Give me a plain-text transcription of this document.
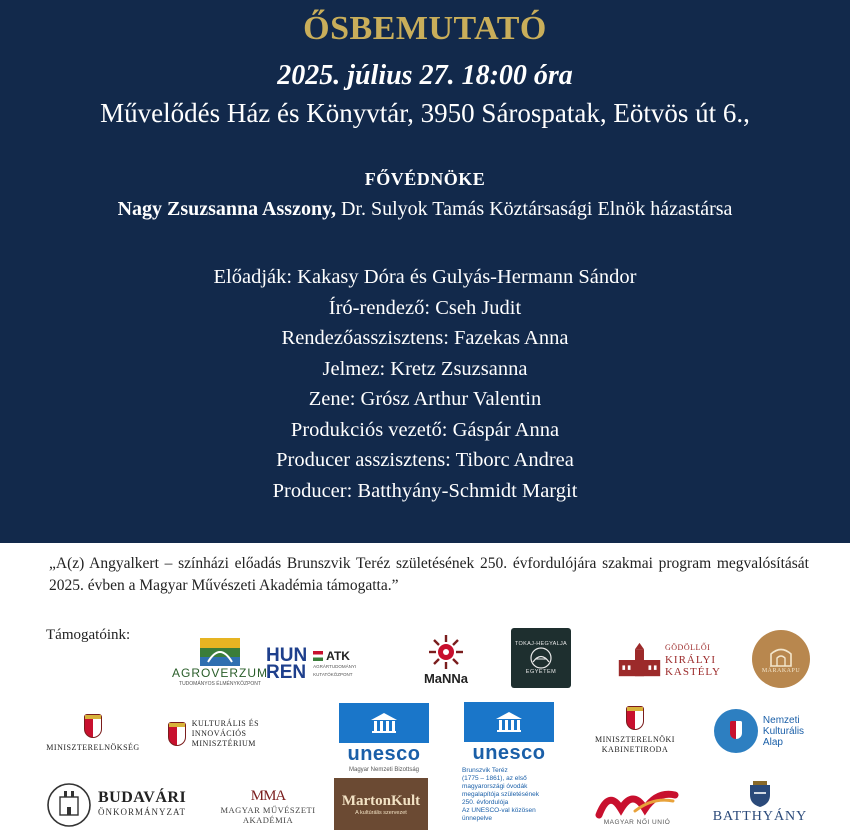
ŐSBEMUTATÓ
2025. július 27. 18:00 óra
Művelődés Ház és Könyvtár, 3950 Sárospatak, Eötvös út 6.,
FŐVÉDNÖKE
Nagy Zsuzsanna Asszony, Dr. Sulyok Tamás Köztársasági Elnök házastársa
Előadják: Kakasy Dóra és Gulyás-Hermann Sándor
Író-rendező: Cseh Judit
Rendezőasszisztens: Fazekas Anna
Jelmez: Kretz Zsuzsanna
Zene: Grósz Arthur Valentin
Produkciós vezető: Gáspár Anna
Producer asszisztens: Tiborc Andrea
Producer: Batthyány-Schmidt Margit

„A(z) Angyalkert – színházi előadás Brunszvik Teréz születésének 250. évfordulójára szakmai program megvalósítását 2025. évben a Magyar Művészeti Akadémia támogatta.”

Támogatóink:
AGROVERZUM
TUDOMÁNYOS ÉLMÉNYKÖZPONT
HUN
REN
ATK
AGRÁRTUDOMÁNYI KUTATÓKÖZPONT	MaNNa
TOKAJ-HEGYALJA
EGYETEM
GÖDÖLLŐI
KIRÁLYI
KASTÉLY	MÁRAKAPU
MINISZTERELNÖKSÉG
KULTURÁLIS ÉS INNOVÁCIÓS
MINISZTÉRIUM	unesco
Magyar Nemzeti Bizottság
unesco
Brunszvik Teréz
(1775 – 1861), az első
magyarországi óvodák
megalapítója születésének
250. évfordulója
Az UNESCO-val közösen
ünnepelve
MINISZTERELNÖKI
KABINETIRODA
Nemzeti
Kulturális
Alap
BUDAVÁRI
ÖNKORMÁNYZAT
MMA
MAGYAR MŰVÉSZETI
AKADÉMIA
MartonKult
A kultúrális szervezet
MAGYAR NŐI UNIÓ	BATTHYÁNY
